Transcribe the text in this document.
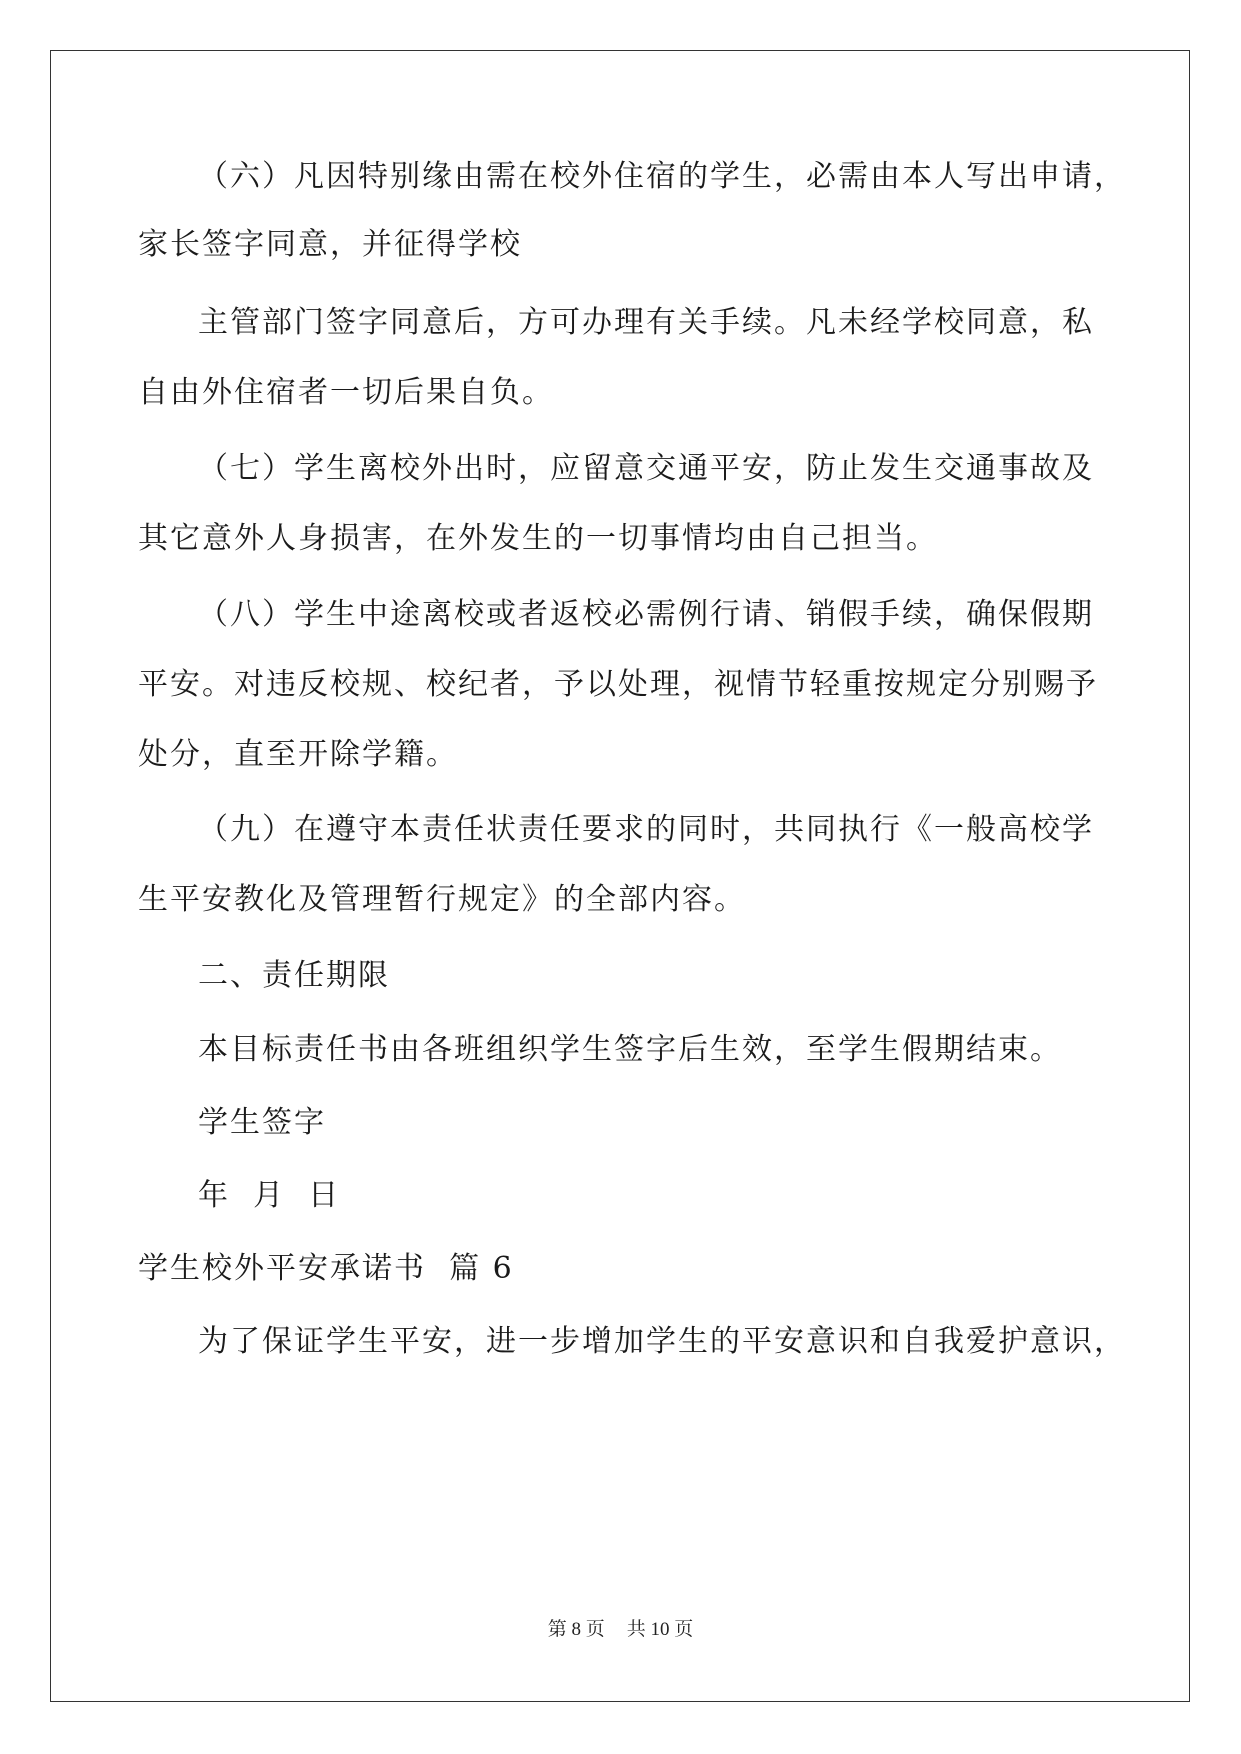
（六）凡因特别缘由需在校外住宿的学生，必需由本人写出申请，
家长签字同意，并征得学校
主管部门签字同意后，方可办理有关手续。凡未经学校同意，私
自由外住宿者一切后果自负。
（七）学生离校外出时，应留意交通平安，防止发生交通事故及
其它意外人身损害，在外发生的一切事情均由自己担当。
（八）学生中途离校或者返校必需例行请、销假手续，确保假期
平安。对违反校规、校纪者，予以处理，视情节轻重按规定分别赐予
处分，直至开除学籍。
（九）在遵守本责任状责任要求的同时，共同执行《一般高校学
生平安教化及管理暂行规定》的全部内容。
二、责任期限
本目标责任书由各班组织学生签字后生效，至学生假期结束。
学生签字
年  月  日
学生校外平安承诺书  篇 6
为了保证学生平安，进一步增加学生的平安意识和自我爱护意识，
第 8 页 共 10 页
